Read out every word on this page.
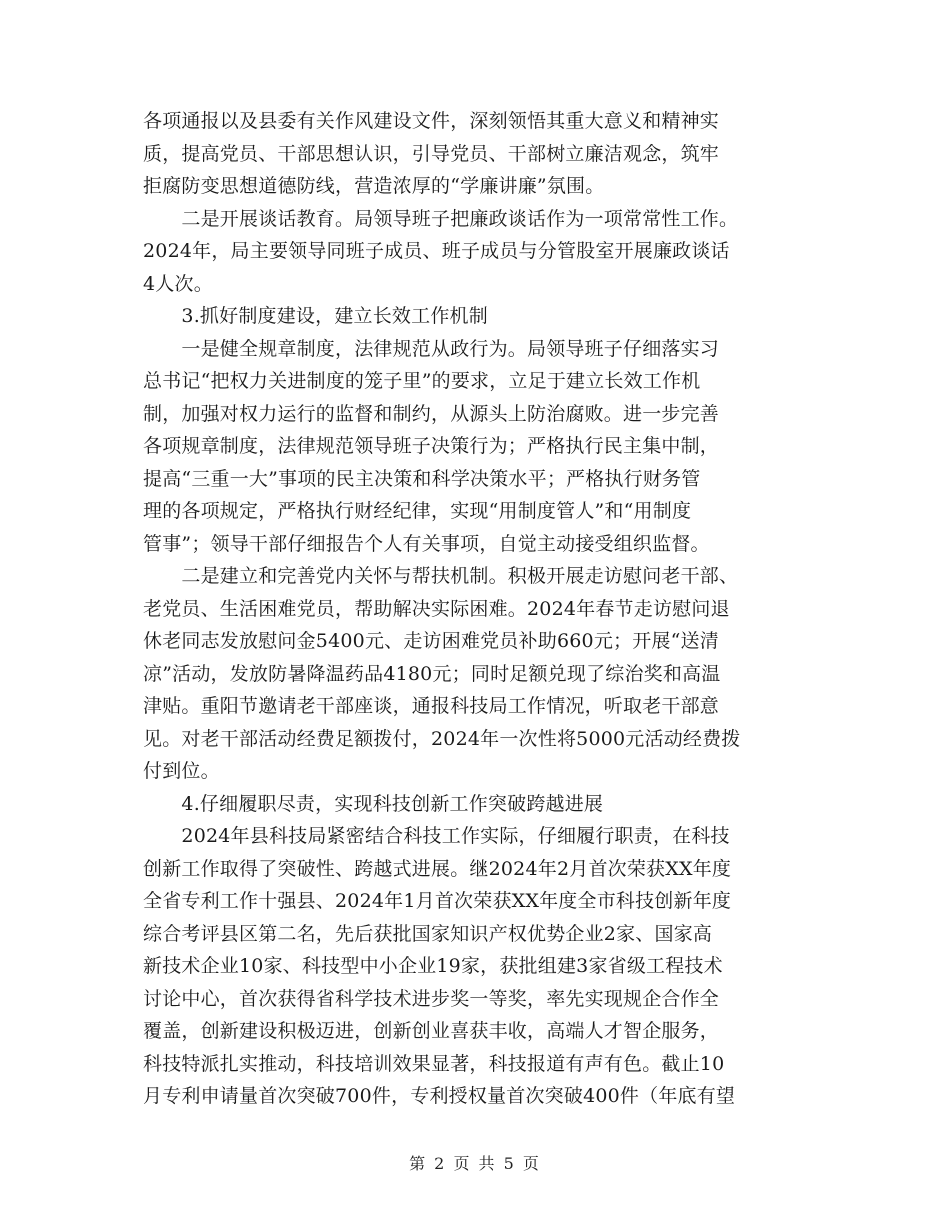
各项通报以及县委有关作风建设文件，深刻领悟其重大意义和精神实
质，提高党员、干部思想认识，引导党员、干部树立廉洁观念，筑牢
拒腐防变思想道德防线，营造浓厚的“学廉讲廉”氛围。
　　二是开展谈话教育。局领导班子把廉政谈话作为一项常常性工作。
2024年，局主要领导同班子成员、班子成员与分管股室开展廉政谈话
4人次。
　　3.抓好制度建设，建立长效工作机制
　　一是健全规章制度，法律规范从政行为。局领导班子仔细落实习
总书记“把权力关进制度的笼子里”的要求，立足于建立长效工作机
制，加强对权力运行的监督和制约，从源头上防治腐败。进一步完善
各项规章制度，法律规范领导班子决策行为；严格执行民主集中制，
提高“三重一大”事项的民主决策和科学决策水平；严格执行财务管
理的各项规定，严格执行财经纪律，实现“用制度管人”和“用制度
管事”；领导干部仔细报告个人有关事项，自觉主动接受组织监督。
　　二是建立和完善党内关怀与帮扶机制。积极开展走访慰问老干部、
老党员、生活困难党员，帮助解决实际困难。2024年春节走访慰问退
休老同志发放慰问金5400元、走访困难党员补助660元；开展“送清
凉”活动，发放防暑降温药品4180元；同时足额兑现了综治奖和高温
津贴。重阳节邀请老干部座谈，通报科技局工作情况，听取老干部意
见。对老干部活动经费足额拨付，2024年一次性将5000元活动经费拨
付到位。
　　4.仔细履职尽责，实现科技创新工作突破跨越进展
　　2024年县科技局紧密结合科技工作实际，仔细履行职责，在科技
创新工作取得了突破性、跨越式进展。继2024年2月首次荣获XX年度
全省专利工作十强县、2024年1月首次荣获XX年度全市科技创新年度
综合考评县区第二名，先后获批国家知识产权优势企业2家、国家高
新技术企业10家、科技型中小企业19家，获批组建3家省级工程技术
讨论中心，首次获得省科学技术进步奖一等奖，率先实现规企合作全
覆盖，创新建设积极迈进，创新创业喜获丰收，高端人才智企服务，
科技特派扎实推动，科技培训效果显著，科技报道有声有色。截止10
月专利申请量首次突破700件，专利授权量首次突破400件（年底有望
第 2 页 共 5 页
